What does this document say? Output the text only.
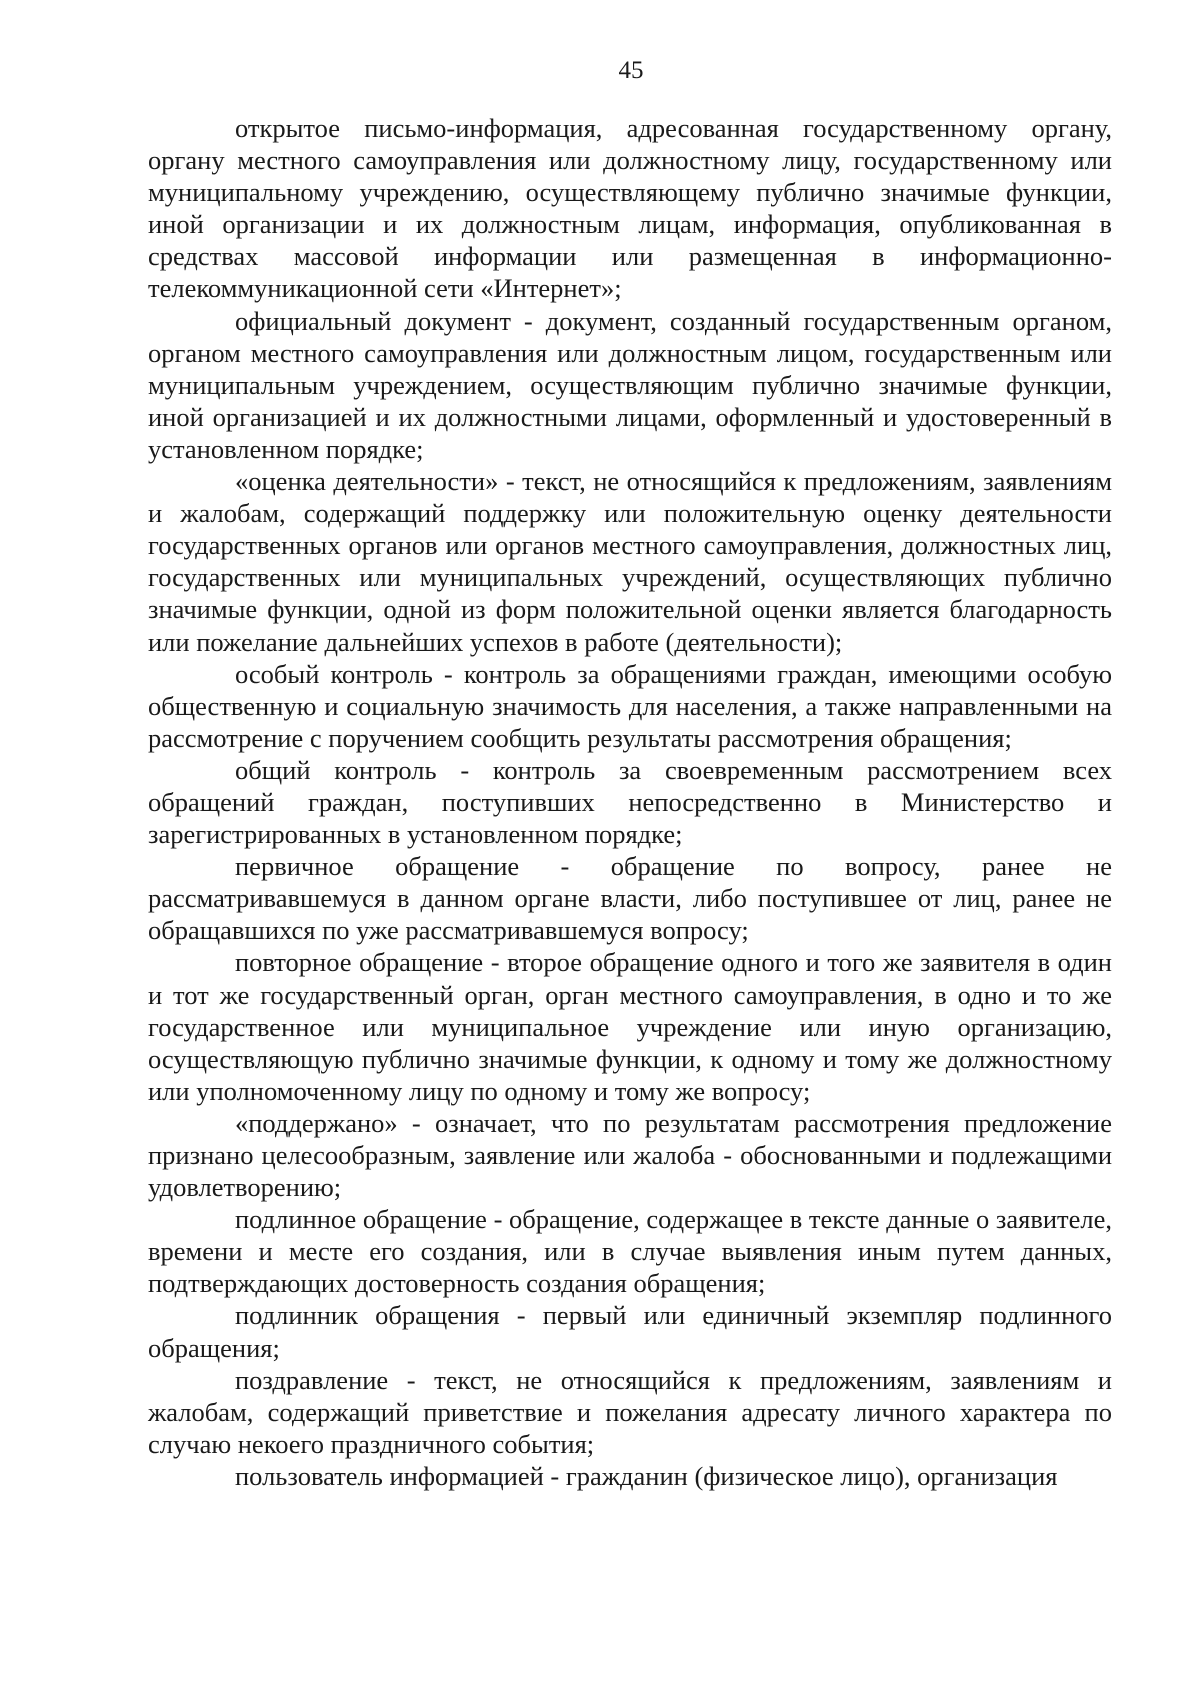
45

открытое письмо-информация, адресованная государственному органу, органу местного самоуправления или должностному лицу, государственному или муниципальному учреждению, осуществляющему публично значимые функции, иной организации и их должностным лицам, информация, опубликованная в средствах массовой информации или размещенная в информационно-телекоммуникационной сети «Интернет»;

официальный документ - документ, созданный государственным органом, органом местного самоуправления или должностным лицом, государственным или муниципальным учреждением, осуществляющим публично значимые функции, иной организацией и их должностными лицами, оформленный и удостоверенный в установленном порядке;

«оценка деятельности» - текст, не относящийся к предложениям, заявлениям и жалобам, содержащий поддержку или положительную оценку деятельности государственных органов или органов местного самоуправления, должностных лиц, государственных или муниципальных учреждений, осуществляющих публично значимые функции, одной из форм положительной оценки является благодарность или пожелание дальнейших успехов в работе (деятельности);

особый контроль - контроль за обращениями граждан, имеющими особую общественную и социальную значимость для населения, а также направленными на рассмотрение с поручением сообщить результаты рассмотрения обращения;

общий контроль - контроль за своевременным рассмотрением всех обращений граждан, поступивших непосредственно в Министерство и зарегистрированных в установленном порядке;

первичное обращение - обращение по вопросу, ранее не рассматривавшемуся в данном органе власти, либо поступившее от лиц, ранее не обращавшихся по уже рассматривавшемуся вопросу;

повторное обращение - второе обращение одного и того же заявителя в один и тот же государственный орган, орган местного самоуправления, в одно и то же государственное или муниципальное учреждение или иную организацию, осуществляющую публично значимые функции, к одному и тому же должностному или уполномоченному лицу по одному и тому же вопросу;

«поддержано» - означает, что по результатам рассмотрения предложение признано целесообразным, заявление или жалоба - обоснованными и подлежащими удовлетворению;

подлинное обращение - обращение, содержащее в тексте данные о заявителе, времени и месте его создания, или в случае выявления иным путем данных, подтверждающих достоверность создания обращения;

подлинник обращения - первый или единичный экземпляр подлинного обращения;

поздравление - текст, не относящийся к предложениям, заявлениям и жалобам, содержащий приветствие и пожелания адресату личного характера по случаю некоего праздничного события;

пользователь информацией - гражданин (физическое лицо), организация
